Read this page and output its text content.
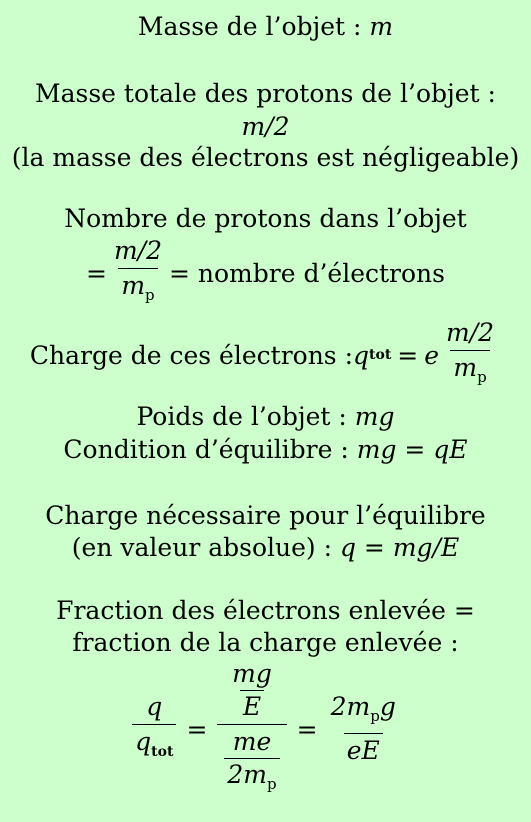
Masse de l’objet : m
Masse totale des protons de l’objet :
m/2
(la masse des électrons est négligeable)
Nombre de protons dans l’objet
= $\frac{m/2}{m_p}$ = nombre d’électrons
Charge de ces électrons : q tot = e $\frac{m/2}{m_p}$
Poids de l’objet : mg
Condition d’équilibre : mg = qE
Charge nécessaire pour l’équilibre
(en valeur absolue) : q = mg/E
Fraction des électrons enlevée =
fraction de la charge enlevée :
$\frac{q}{q_{tot}} = \frac{\frac{mg}{E}}{\frac{me}{2m_p}} = \frac{2m_pg}{eE}$
